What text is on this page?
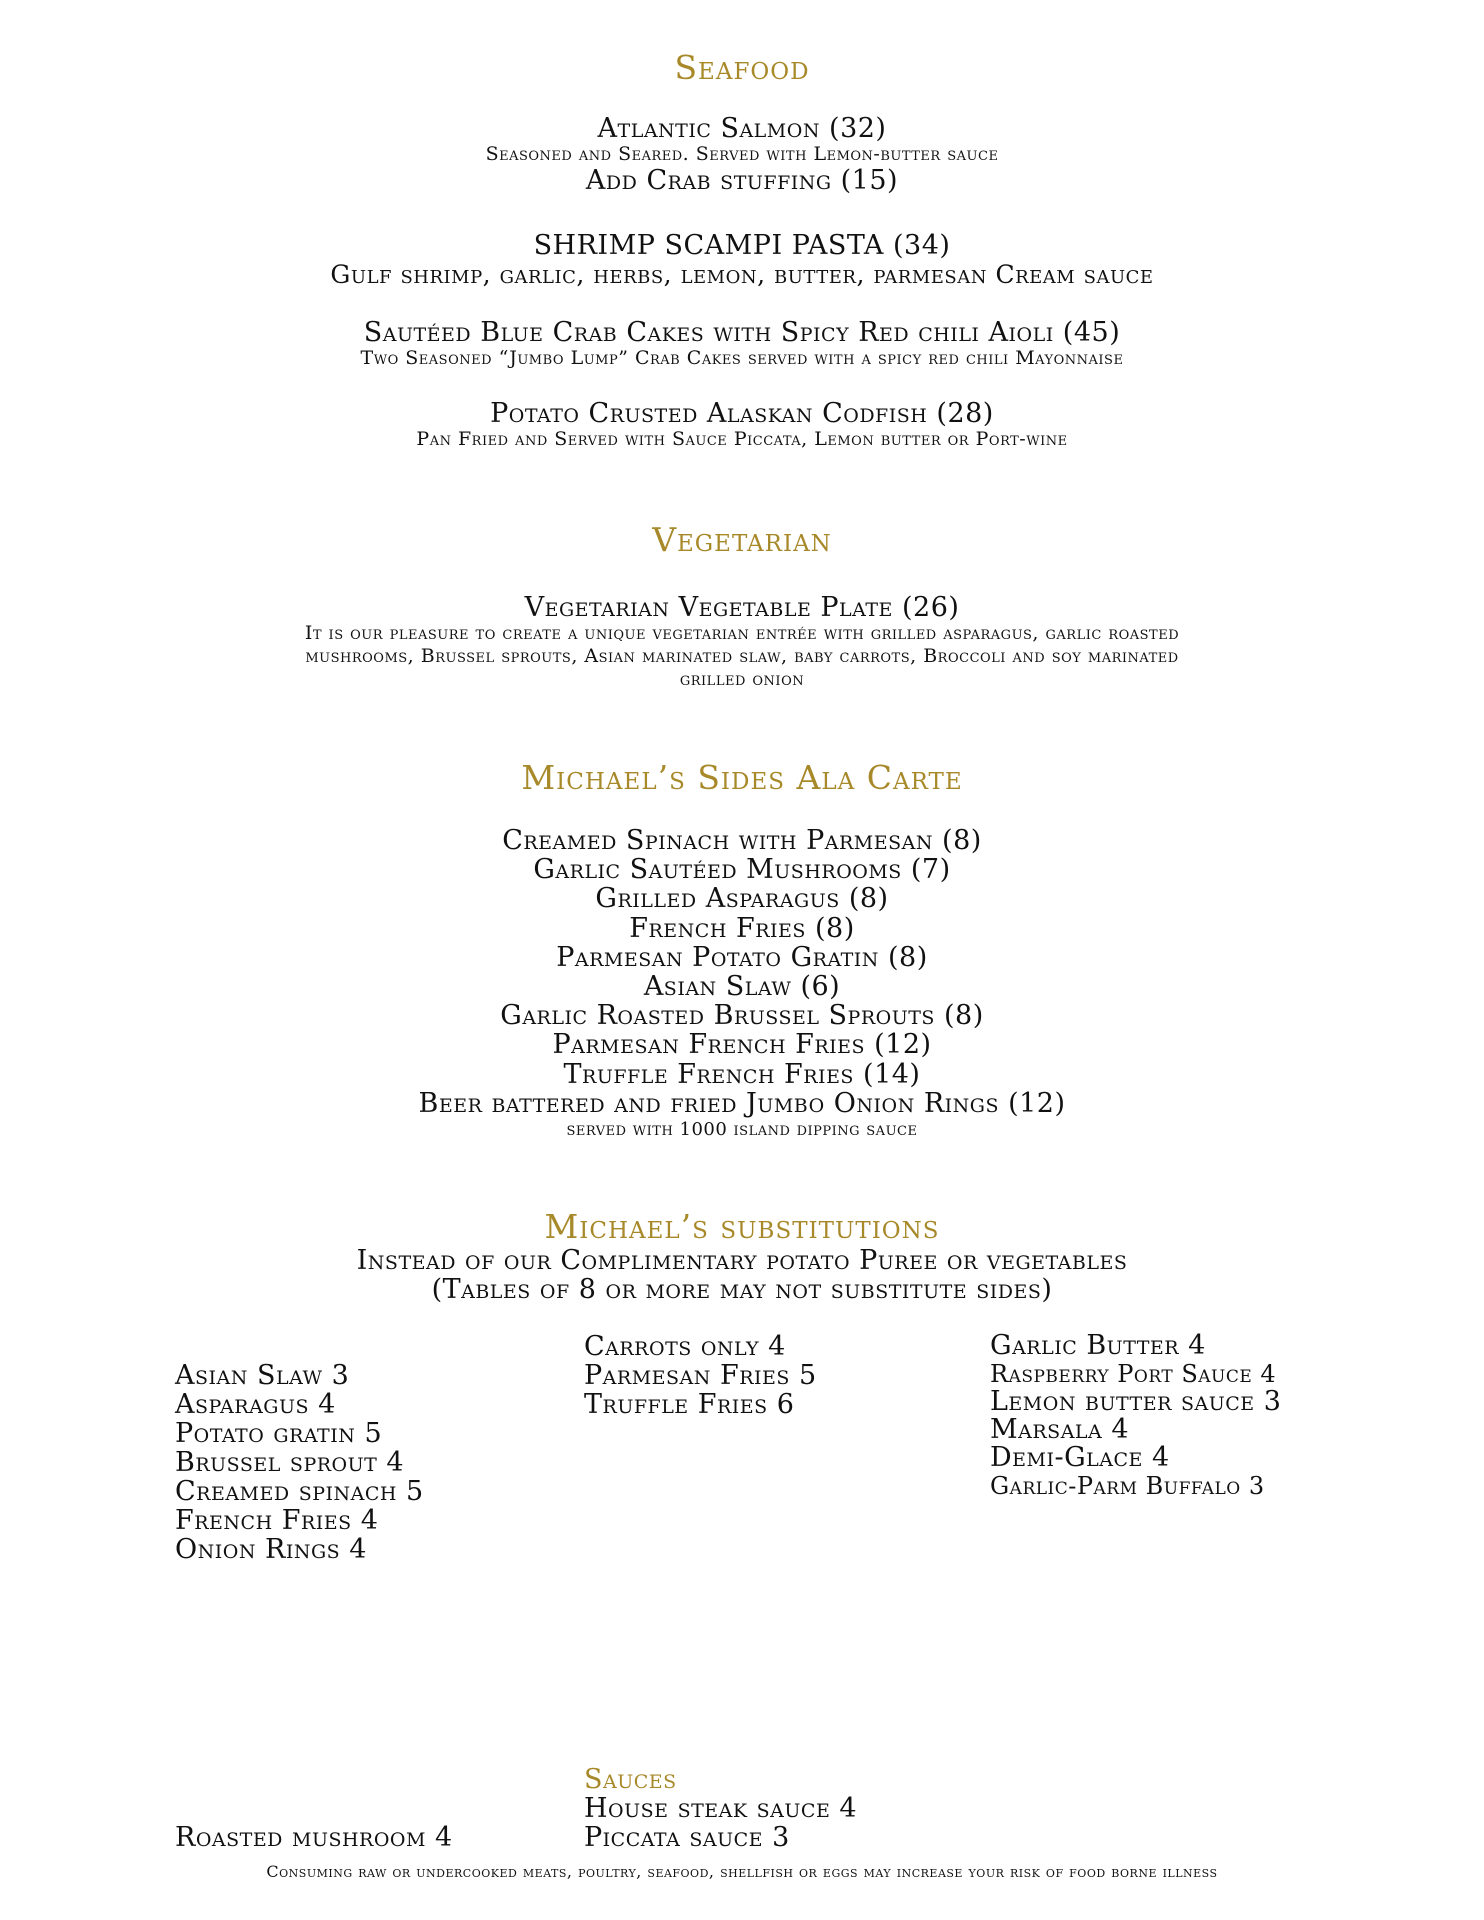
Seafood
Atlantic Salmon (32)
Seasoned and Seared. Served with Lemon-butter sauce
Add Crab stuffing (15)
SHRIMP SCAMPI PASTA (34)
Gulf shrimp, garlic, herbs, lemon, butter, parmesan Cream sauce
Sautéed Blue Crab Cakes with Spicy Red chili Aioli (45)
Two Seasoned “Jumbo Lump” Crab Cakes served with a spicy red chili Mayonnaise
Potato Crusted Alaskan Codfish (28)
Pan Fried and Served with Sauce Piccata, Lemon butter or Port-wine
Vegetarian
Vegetarian Vegetable Plate (26)
It is our pleasure to create a unique vegetarian entrée with grilled asparagus, garlic roasted
mushrooms, Brussel sprouts, Asian marinated slaw, baby carrots, Broccoli and soy marinated
grilled onion
Michael’s Sides Ala Carte
Creamed Spinach with Parmesan (8)
Garlic Sautéed Mushrooms (7)
Grilled Asparagus (8)
French Fries (8)
Parmesan Potato Gratin (8)
Asian Slaw (6)
Garlic Roasted Brussel Sprouts (8)
Parmesan French Fries (12)
Truffle French Fries (14)
Beer battered and fried Jumbo Onion Rings (12)
served with 1000 island dipping sauce
Michael’s substitutions
Instead of our Complimentary potato Puree or vegetables
(Tables of 8 or more may not substitute sides)
Asian Slaw 3
Asparagus 4
Potato gratin 5
Brussel sprout 4
Creamed spinach 5
French Fries 4
Onion Rings 4
Carrots only 4
Parmesan Fries 5
Truffle Fries 6
Garlic Butter 4
Raspberry Port Sauce 4
Lemon butter sauce 3
Marsala 4
Demi-Glace 4
Garlic-Parm Buffalo 3
Sauces
House steak sauce 4
Piccata sauce 3
Roasted mushroom 4
Consuming raw or undercooked meats, poultry, seafood, shellfish or eggs may increase your risk of food borne illness
